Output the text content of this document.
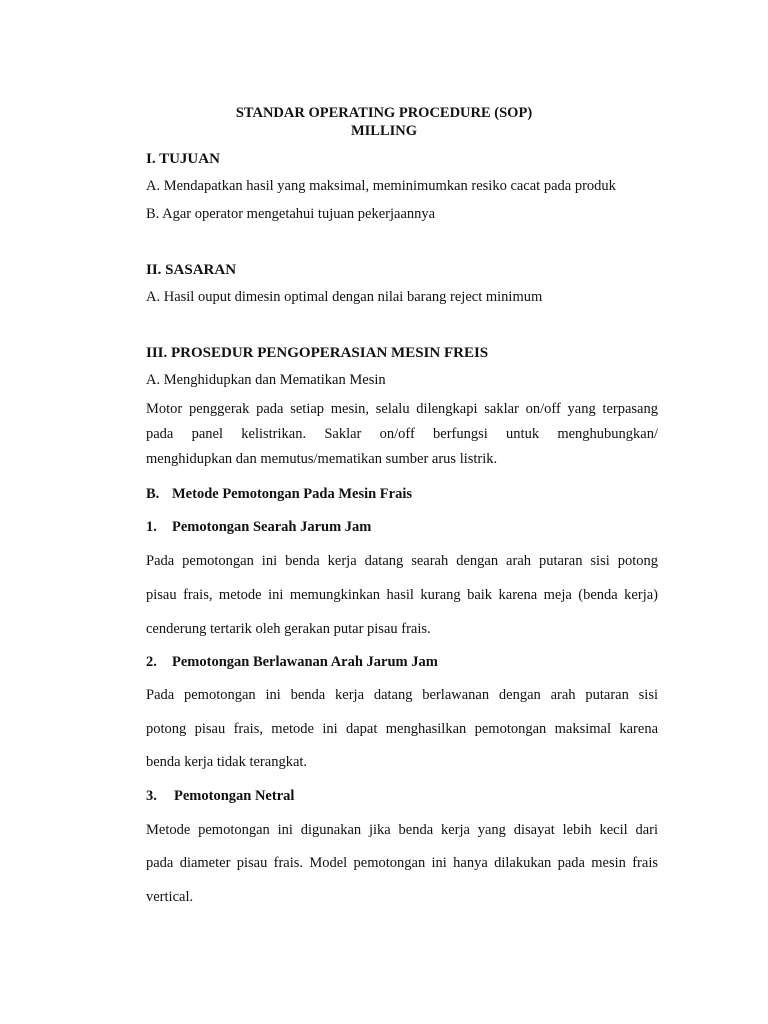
STANDAR OPERATING PROCEDURE (SOP)

MILLING

I. TUJUAN

A. Mendapatkan hasil yang maksimal, meminimumkan resiko cacat pada produk

B. Agar operator mengetahui tujuan pekerjaannya

II. SASARAN

A. Hasil ouput dimesin optimal dengan nilai barang reject minimum

III. PROSEDUR PENGOPERASIAN MESIN FREIS

A. Menghidupkan dan Mematikan Mesin

Motor penggerak pada setiap mesin, selalu dilengkapi saklar on/off yang terpasang

pada panel kelistrikan. Saklar on/off berfungsi untuk menghubungkan/

menghidupkan dan memutus/mematikan sumber arus listrik.

B. Metode Pemotongan Pada Mesin Frais

1. Pemotongan Searah Jarum Jam

Pada pemotongan ini benda kerja datang searah dengan arah putaran sisi potong

pisau frais, metode ini memungkinkan hasil kurang baik karena meja (benda kerja)

cenderung tertarik oleh gerakan putar pisau frais.

2. Pemotongan Berlawanan Arah Jarum Jam

Pada pemotongan ini benda kerja datang berlawanan dengan arah putaran sisi

potong pisau frais, metode ini dapat menghasilkan pemotongan maksimal karena

benda kerja tidak terangkat.

3. Pemotongan Netral

Metode pemotongan ini digunakan jika benda kerja yang disayat lebih kecil dari

pada diameter pisau frais. Model pemotongan ini hanya dilakukan pada mesin frais

vertical.
